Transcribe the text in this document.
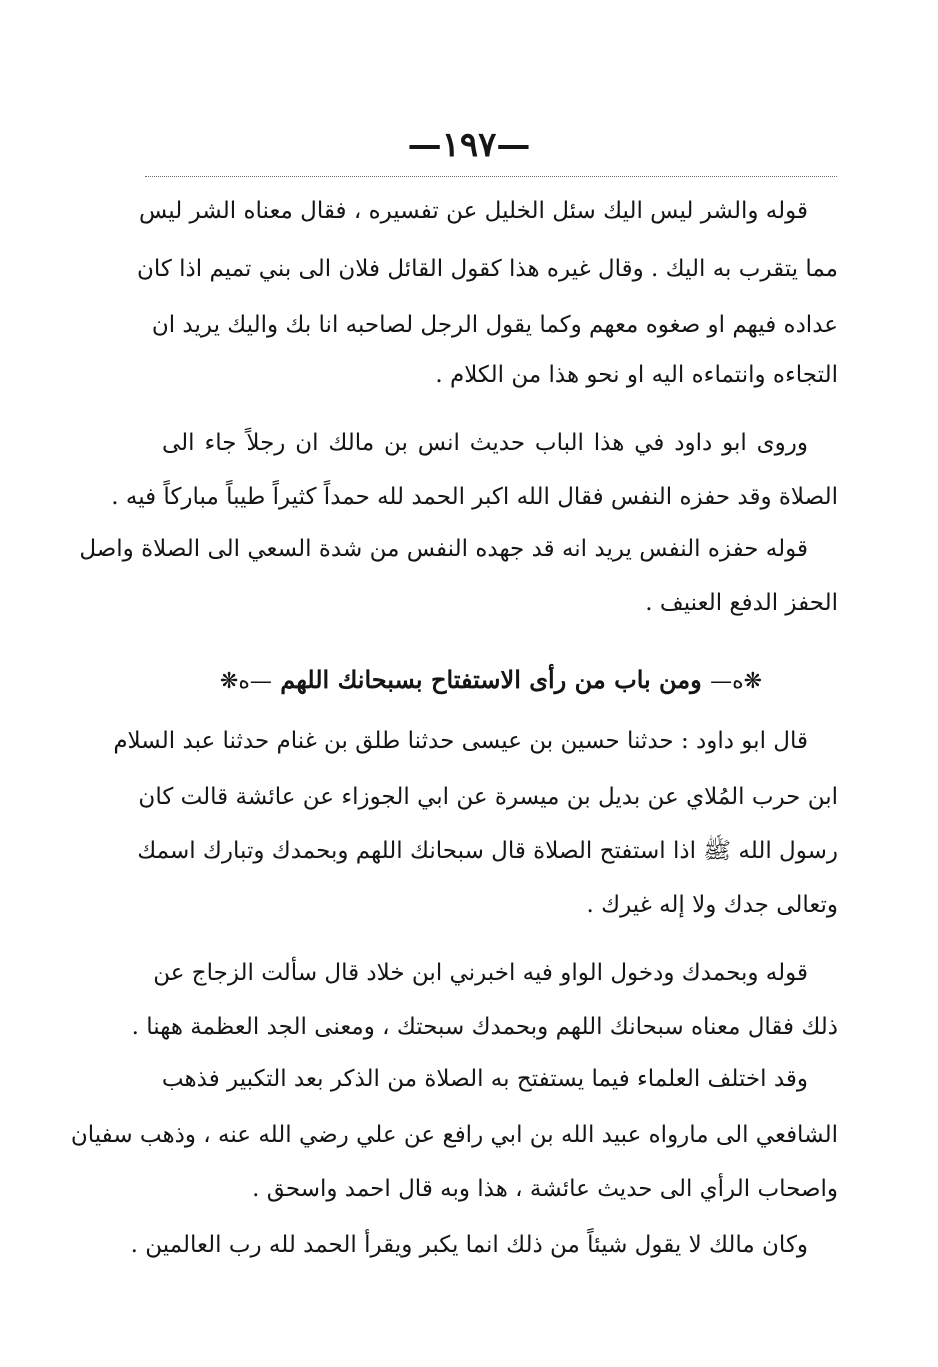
—١٩٧—
قوله والشر ليس اليك سئل الخليل عن تفسيره ، فقال معناه الشر ليس
مما يتقرب به اليك . وقال غيره هذا كقول القائل فلان الى بني تميم اذا كان
عداده فيهم او صغوه معهم وكما يقول الرجل لصاحبه انا بك واليك يريد ان
التجاءه وانتماءه اليه او نحو هذا من الكلام .
وروى ابو داود في هذا الباب حديث انس بن مالك ان رجلاً جاء الى
الصلاة وقد حفزه النفس فقال الله اكبر الحمد لله حمداً كثيراً طيباً مباركاً فيه .
قوله حفزه النفس يريد انه قد جهده النفس من شدة السعي الى الصلاة واصل
الحفز الدفع العنيف .
❋ﻩ— ومن باب من رأى الاستفتاح بسبحانك اللهم —ﻩ❋
قال ابو داود : حدثنا حسين بن عيسى حدثنا طلق بن غنام حدثنا عبد السلام
ابن حرب المُلاي عن بديل بن ميسرة عن ابي الجوزاء عن عائشة قالت كان
رسول الله ﷺ اذا استفتح الصلاة قال سبحانك اللهم وبحمدك وتبارك اسمك
وتعالى جدك ولا إله غيرك .
قوله وبحمدك ودخول الواو فيه اخبرني ابن خلاد قال سألت الزجاج عن
ذلك فقال معناه سبحانك اللهم وبحمدك سبحتك ، ومعنى الجد العظمة ههنا .
وقد اختلف العلماء فيما يستفتح به الصلاة من الذكر بعد التكبير فذهب
الشافعي الى مارواه عبيد الله بن ابي رافع عن علي رضي الله عنه ، وذهب سفيان
واصحاب الرأي الى حديث عائشة ، هذا وبه قال احمد واسحق .
وكان مالك لا يقول شيئاً من ذلك انما يكبر ويقرأ الحمد لله رب العالمين .
